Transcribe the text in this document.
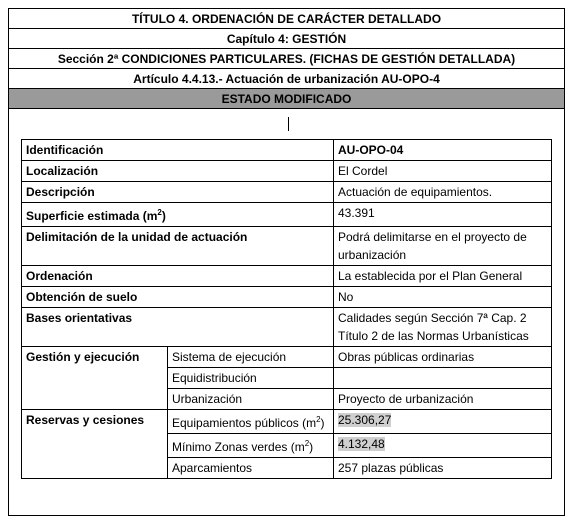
TÍTULO 4. ORDENACIÓN DE CARÁCTER DETALLADO
Capítulo 4: GESTIÓN
Sección 2ª CONDICIONES PARTICULARES. (FICHAS DE GESTIÓN DETALLADA)
Artículo 4.4.13.- Actuación de urbanización AU-OPO-4
ESTADO MODIFICADO
Identificación		AU-OPO-04
Localización		El Cordel
Descripción		Actuación de equipamientos.
Superficie estimada $(m^2)$		43.391
Delimitación de la unidad de actuación		Podrá delimitarse en el proyecto de urbanización
Ordenación		La establecida por el Plan General
Obtención de suelo		No
Bases orientativas		Calidades según Sección 7ª Cap. 2 Título 2 de las Normas Urbanísticas
Gestión y ejecución	Sistema de ejecución	Obras públicas ordinarias
	Equidistribución	
	Urbanización	Proyecto de urbanización
Reservas y cesiones	Equipamientos públicos $(m^2)$	25.306,27
	Mínimo Zonas verdes $(m^2)$	4.132,48
	Aparcamientos	257 plazas públicas
